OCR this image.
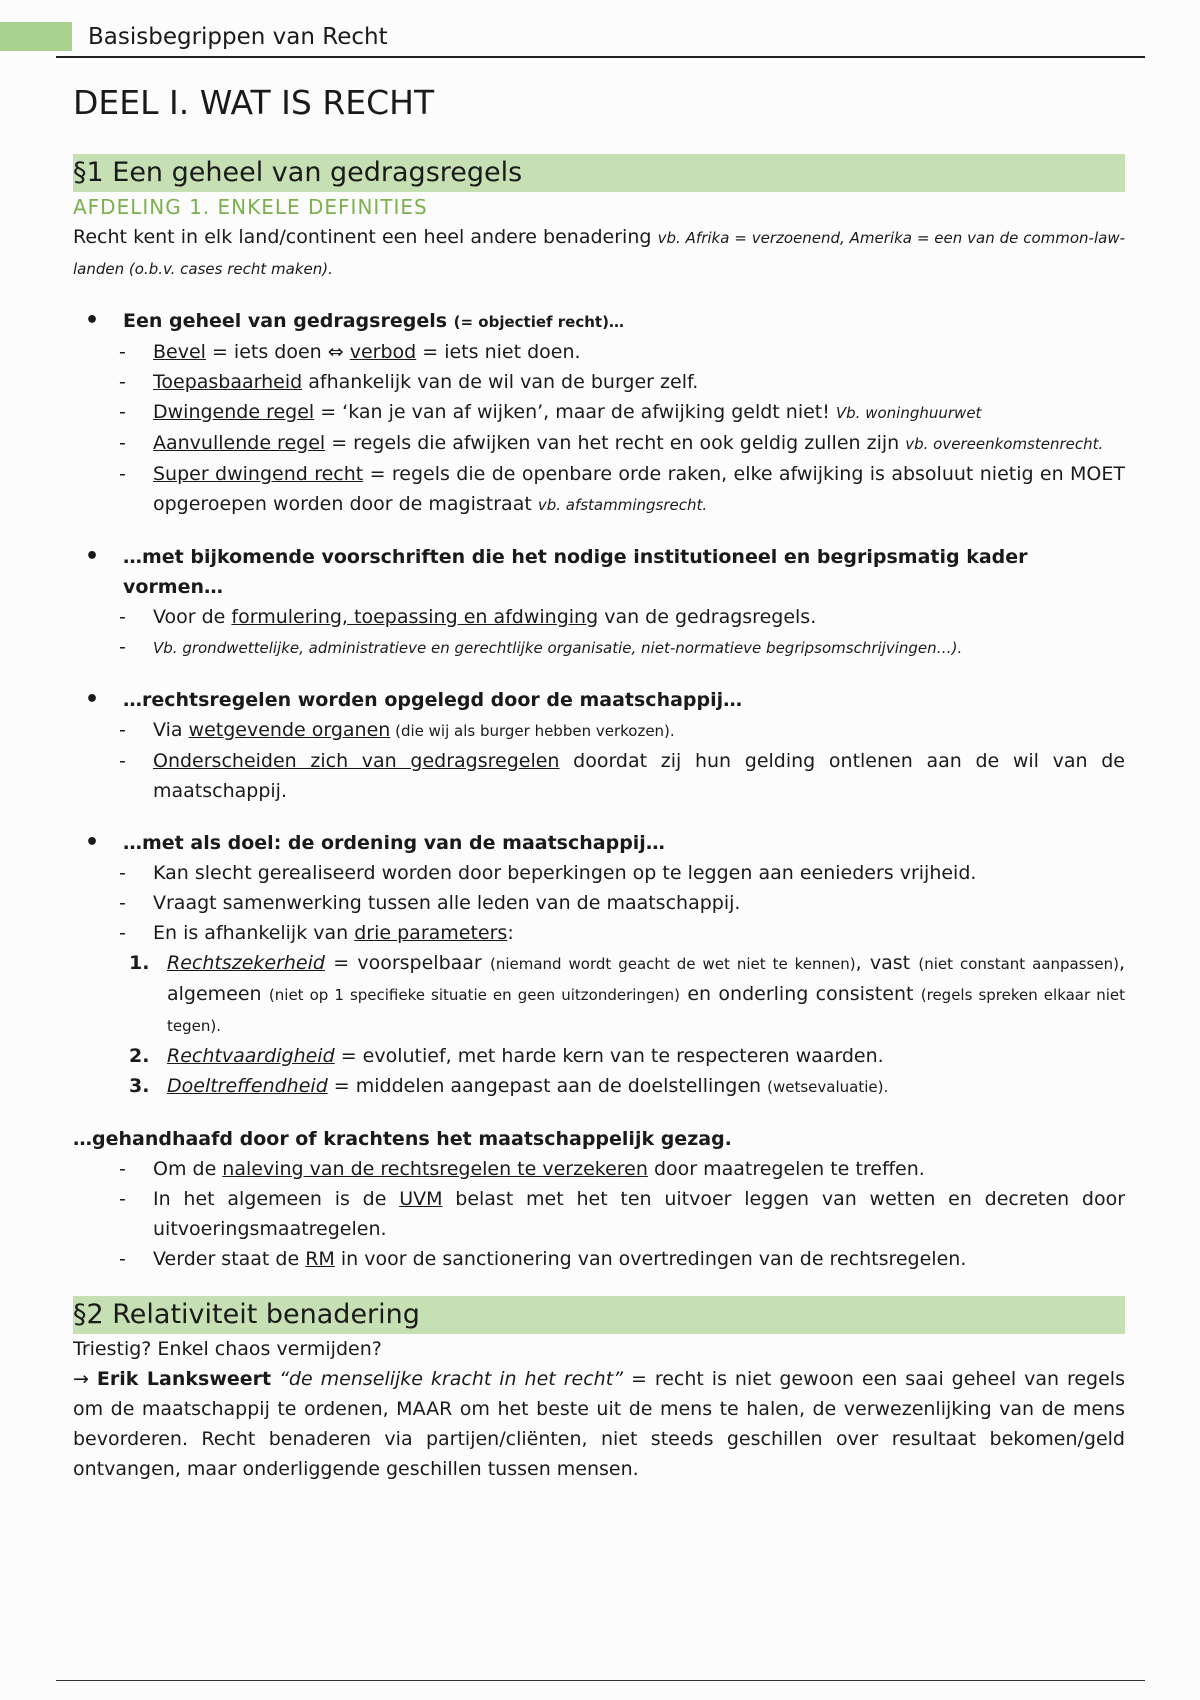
Basisbegrippen van Recht
DEEL I. WAT IS RECHT
§1 Een geheel van gedragsregels
AFDELING 1. ENKELE DEFINITIES

Recht kent in elk land/continent een heel andere benadering vb. Afrika = verzoenend, Amerika = een van de common-law-landen (o.b.v. cases recht maken).

• Een geheel van gedragsregels (= objectief recht)…
- Bevel = iets doen ⇔ verbod = iets niet doen.
- Toepasbaarheid afhankelijk van de wil van de burger zelf.
- Dwingende regel = ‘kan je van af wijken’, maar de afwijking geldt niet! Vb. woninghuurwet
- Aanvullende regel = regels die afwijken van het recht en ook geldig zullen zijn vb. overeenkomstenrecht.
- Super dwingend recht = regels die de openbare orde raken, elke afwijking is absoluut nietig en MOET opgeroepen worden door de magistraat vb. afstammingsrecht.
• …met bijkomende voorschriften die het nodige institutioneel en begripsmatig kader vormen…
- Voor de formulering, toepassing en afdwinging van de gedragsregels.
- Vb. grondwettelijke, administratieve en gerechtlijke organisatie, niet-normatieve begripsomschrijvingen…).
• …rechtsregelen worden opgelegd door de maatschappij…
- Via wetgevende organen (die wij als burger hebben verkozen).
- Onderscheiden zich van gedragsregelen doordat zij hun gelding ontlenen aan de wil van de maatschappij.
• …met als doel: de ordening van de maatschappij…
- Kan slecht gerealiseerd worden door beperkingen op te leggen aan eenieders vrijheid.
- Vraagt samenwerking tussen alle leden van de maatschappij.
- En is afhankelijk van drie parameters:
1. Rechtszekerheid = voorspelbaar (niemand wordt geacht de wet niet te kennen), vast (niet constant aanpassen), algemeen (niet op 1 specifieke situatie en geen uitzonderingen) en onderling consistent (regels spreken elkaar niet tegen).
2. Rechtvaardigheid = evolutief, met harde kern van te respecteren waarden.
3. Doeltreffendheid = middelen aangepast aan de doelstellingen (wetsevaluatie).
…gehandhaafd door of krachtens het maatschappelijk gezag.
- Om de naleving van de rechtsregelen te verzekeren door maatregelen te treffen.
- In het algemeen is de UVM belast met het ten uitvoer leggen van wetten en decreten door uitvoeringsmaatregelen.
- Verder staat de RM in voor de sanctionering van overtredingen van de rechtsregelen.
§2 Relativiteit benadering

Triestig? Enkel chaos vermijden?

→ Erik Lanksweert “de menselijke kracht in het recht” = recht is niet gewoon een saai geheel van regels om de maatschappij te ordenen, MAAR om het beste uit de mens te halen, de verwezenlijking van de mens bevorderen. Recht benaderen via partijen/cliënten, niet steeds geschillen over resultaat bekomen/geld ontvangen, maar onderliggende geschillen tussen mensen.
